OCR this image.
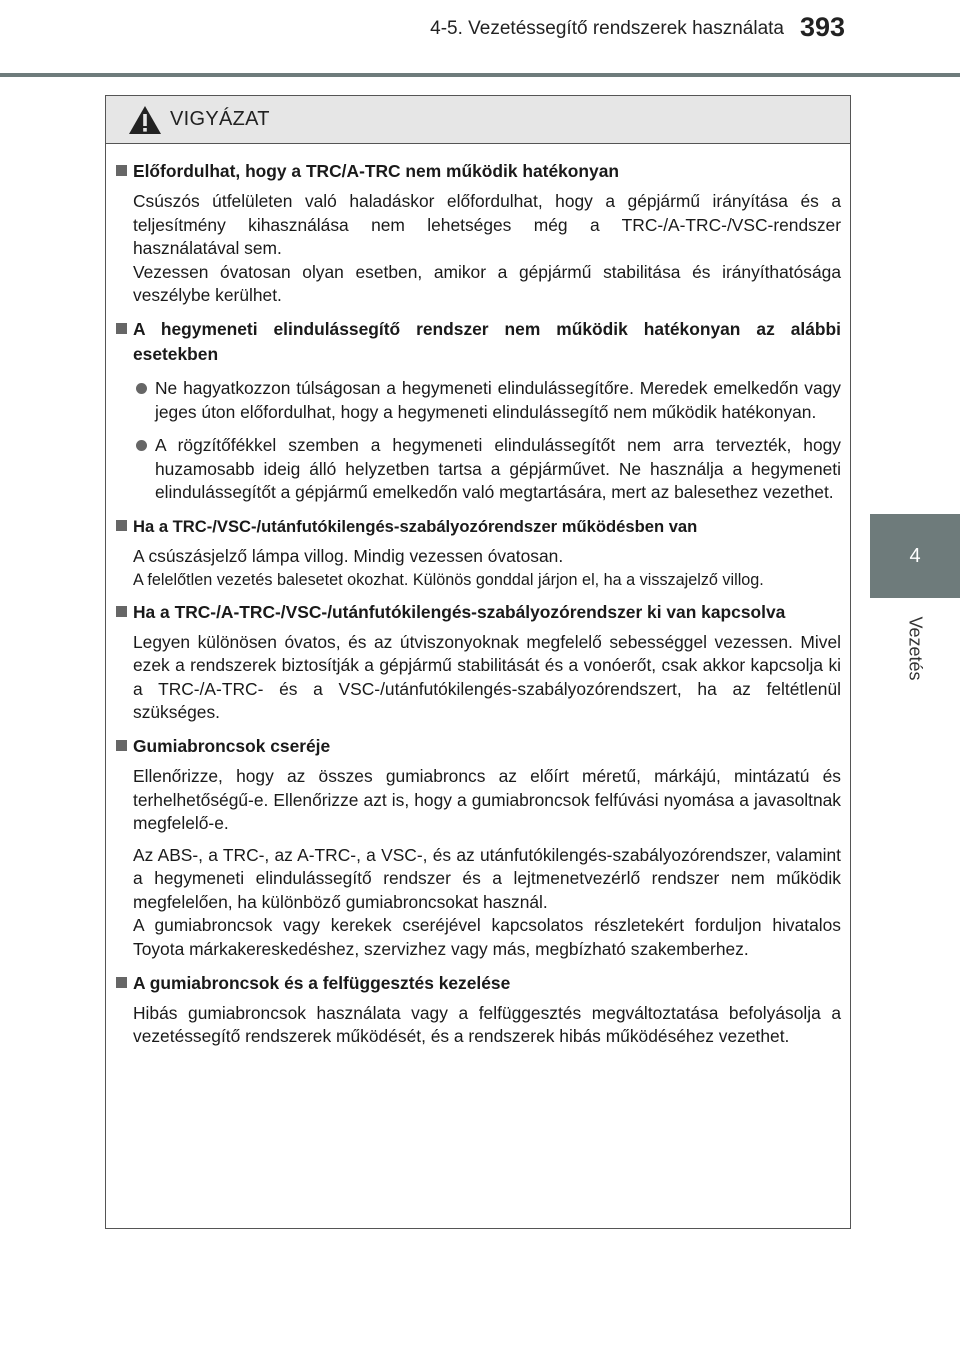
4-5. Vezetéssegítő rendszerek használata 393
4
Vezetés
VIGYÁZAT
Előfordulhat, hogy a TRC/A-TRC nem működik hatékonyan
Csúszós útfelületen való haladáskor előfordulhat, hogy a gépjármű irányítása és a teljesítmény kihasználása nem lehetséges még a TRC-/A-TRC-/VSC-rendszer használatával sem.
Vezessen óvatosan olyan esetben, amikor a gépjármű stabilitása és irányíthatósága veszélybe kerülhet.
A hegymeneti elindulássegítő rendszer nem működik hatékonyan az alábbi esetekben
Ne hagyatkozzon túlságosan a hegymeneti elindulássegítőre. Meredek emelkedőn vagy jeges úton előfordulhat, hogy a hegymeneti elindulássegítő nem működik hatékonyan.
A rögzítőfékkel szemben a hegymeneti elindulássegítőt nem arra tervezték, hogy huzamosabb ideig álló helyzetben tartsa a gépjárművet. Ne használja a hegymeneti elindulássegítőt a gépjármű emelkedőn való megtartására, mert az balesethez vezethet.
Ha a TRC-/VSC-/utánfutókilengés-szabályozórendszer működésben van
A csúszásjelző lámpa villog. Mindig vezessen óvatosan.
A felelőtlen vezetés balesetet okozhat. Különös gonddal járjon el, ha a visszajelző villog.
Ha a TRC-/A-TRC-/VSC-/utánfutókilengés-szabályozórendszer ki van kapcsolva
Legyen különösen óvatos, és az útviszonyoknak megfelelő sebességgel vezessen. Mivel ezek a rendszerek biztosítják a gépjármű stabilitását és a vonóerőt, csak akkor kapcsolja ki a TRC-/A-TRC- és a VSC-/utánfutókilengés-szabályozórendszert, ha az feltétlenül szükséges.
Gumiabroncsok cseréje
Ellenőrizze, hogy az összes gumiabroncs az előírt méretű, márkájú, mintázatú és terhelhetőségű-e. Ellenőrizze azt is, hogy a gumiabroncsok felfúvási nyomása a javasoltnak megfelelő-e.
Az ABS-, a TRC-, az A-TRC-, a VSC-, és az utánfutókilengés-szabályozórendszer, valamint a hegymeneti elindulássegítő rendszer és a lejtmenetvezérlő rendszer nem működik megfelelően, ha különböző gumiabroncsokat használ.
A gumiabroncsok vagy kerekek cseréjével kapcsolatos részletekért forduljon hivatalos Toyota márkakereskedéshez, szervizhez vagy más, megbízható szakemberhez.
A gumiabroncsok és a felfüggesztés kezelése
Hibás gumiabroncsok használata vagy a felfüggesztés megváltoztatása befolyásolja a vezetéssegítő rendszerek működését, és a rendszerek hibás működéséhez vezethet.
